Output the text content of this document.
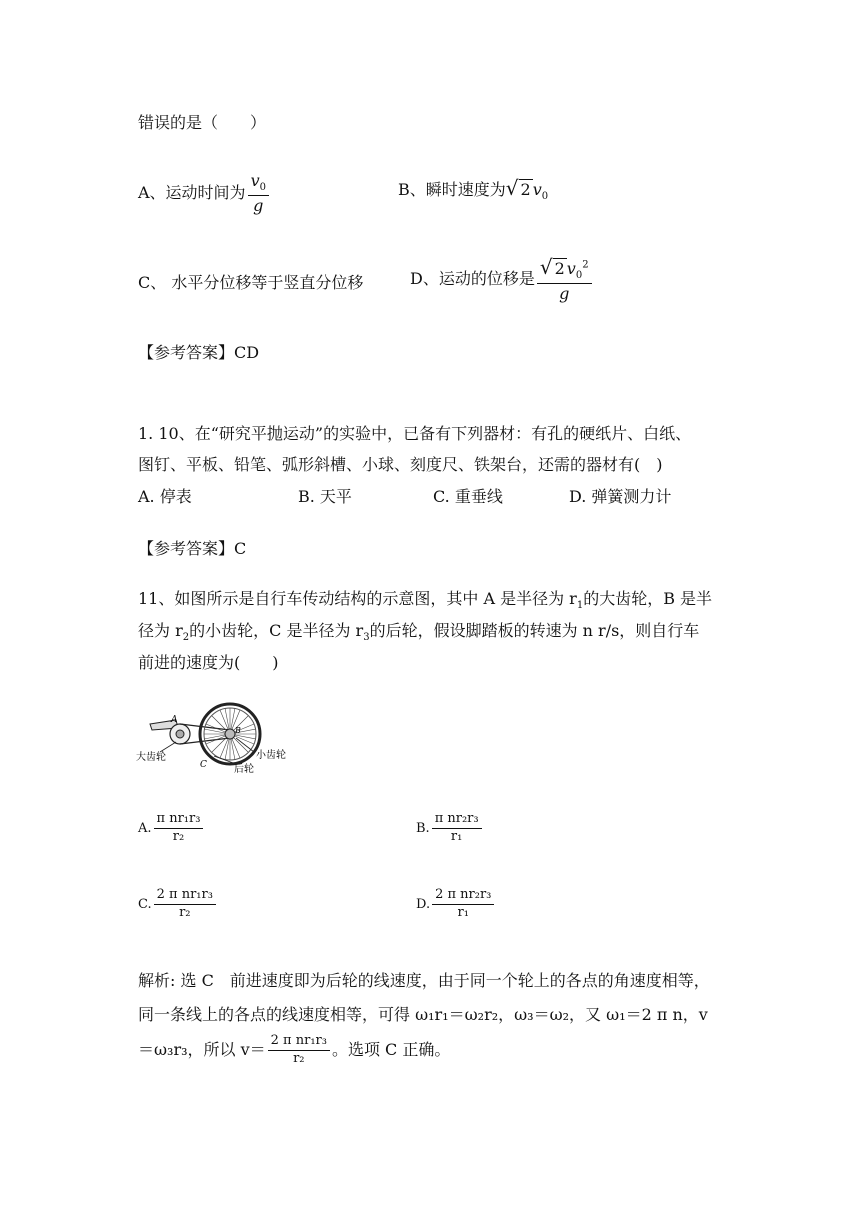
错误的是（　　）
A、运动时间为 $\frac{v_0}{g}$	B、瞬时速度为√ 2 $v_0$
C、 水平分位移等于竖直分位移	D、运动的位移是 $\frac{√ 2 v_0^2}{g}$
【参考答案】CD
1. 10、在“研究平抛运动”的实验中，已备有下列器材：有孔的硬纸片、白纸、
图钉、平板、铅笔、弧形斜槽、小球、刻度尺、铁架台，还需的器材有(　)
A. 停表	B. 天平	C. 重垂线	D. 弹簧测力计
【参考答案】C
11、如图所示是自行车传动结构的示意图，其中 A 是半径为 $r_1$的大齿轮，B 是半
径为 $r_2$的小齿轮，C 是半径为 $r_3$的后轮，假设脚踏板的转速为 n r/s，则自行车
前进的速度为(　　)
A
B
C
大齿轮	小齿轮
后轮
A. $\frac{\text{π nr₁r₃}}{\text{r₂}}$	B. $\frac{\text{π nr₂r₃}}{\text{r₁}}$
C. $\frac{\text{2 π nr₁r₃}}{\text{r₂}}$	D. $\frac{\text{2 π nr₂r₃}}{\text{r₁}}$
解析: 选 C　前进速度即为后轮的线速度，由于同一个轮上的各点的角速度相等，
同一条线上的各点的线速度相等，可得 ω₁r₁＝ω₂r₂，ω₃＝ω₂，又 ω₁＝2 π n，v
＝ω₃r₃，所以 $v= \frac{\text{2 π nr₁r₃}}{\text{r₂}}$ 。选项 C 正确。
